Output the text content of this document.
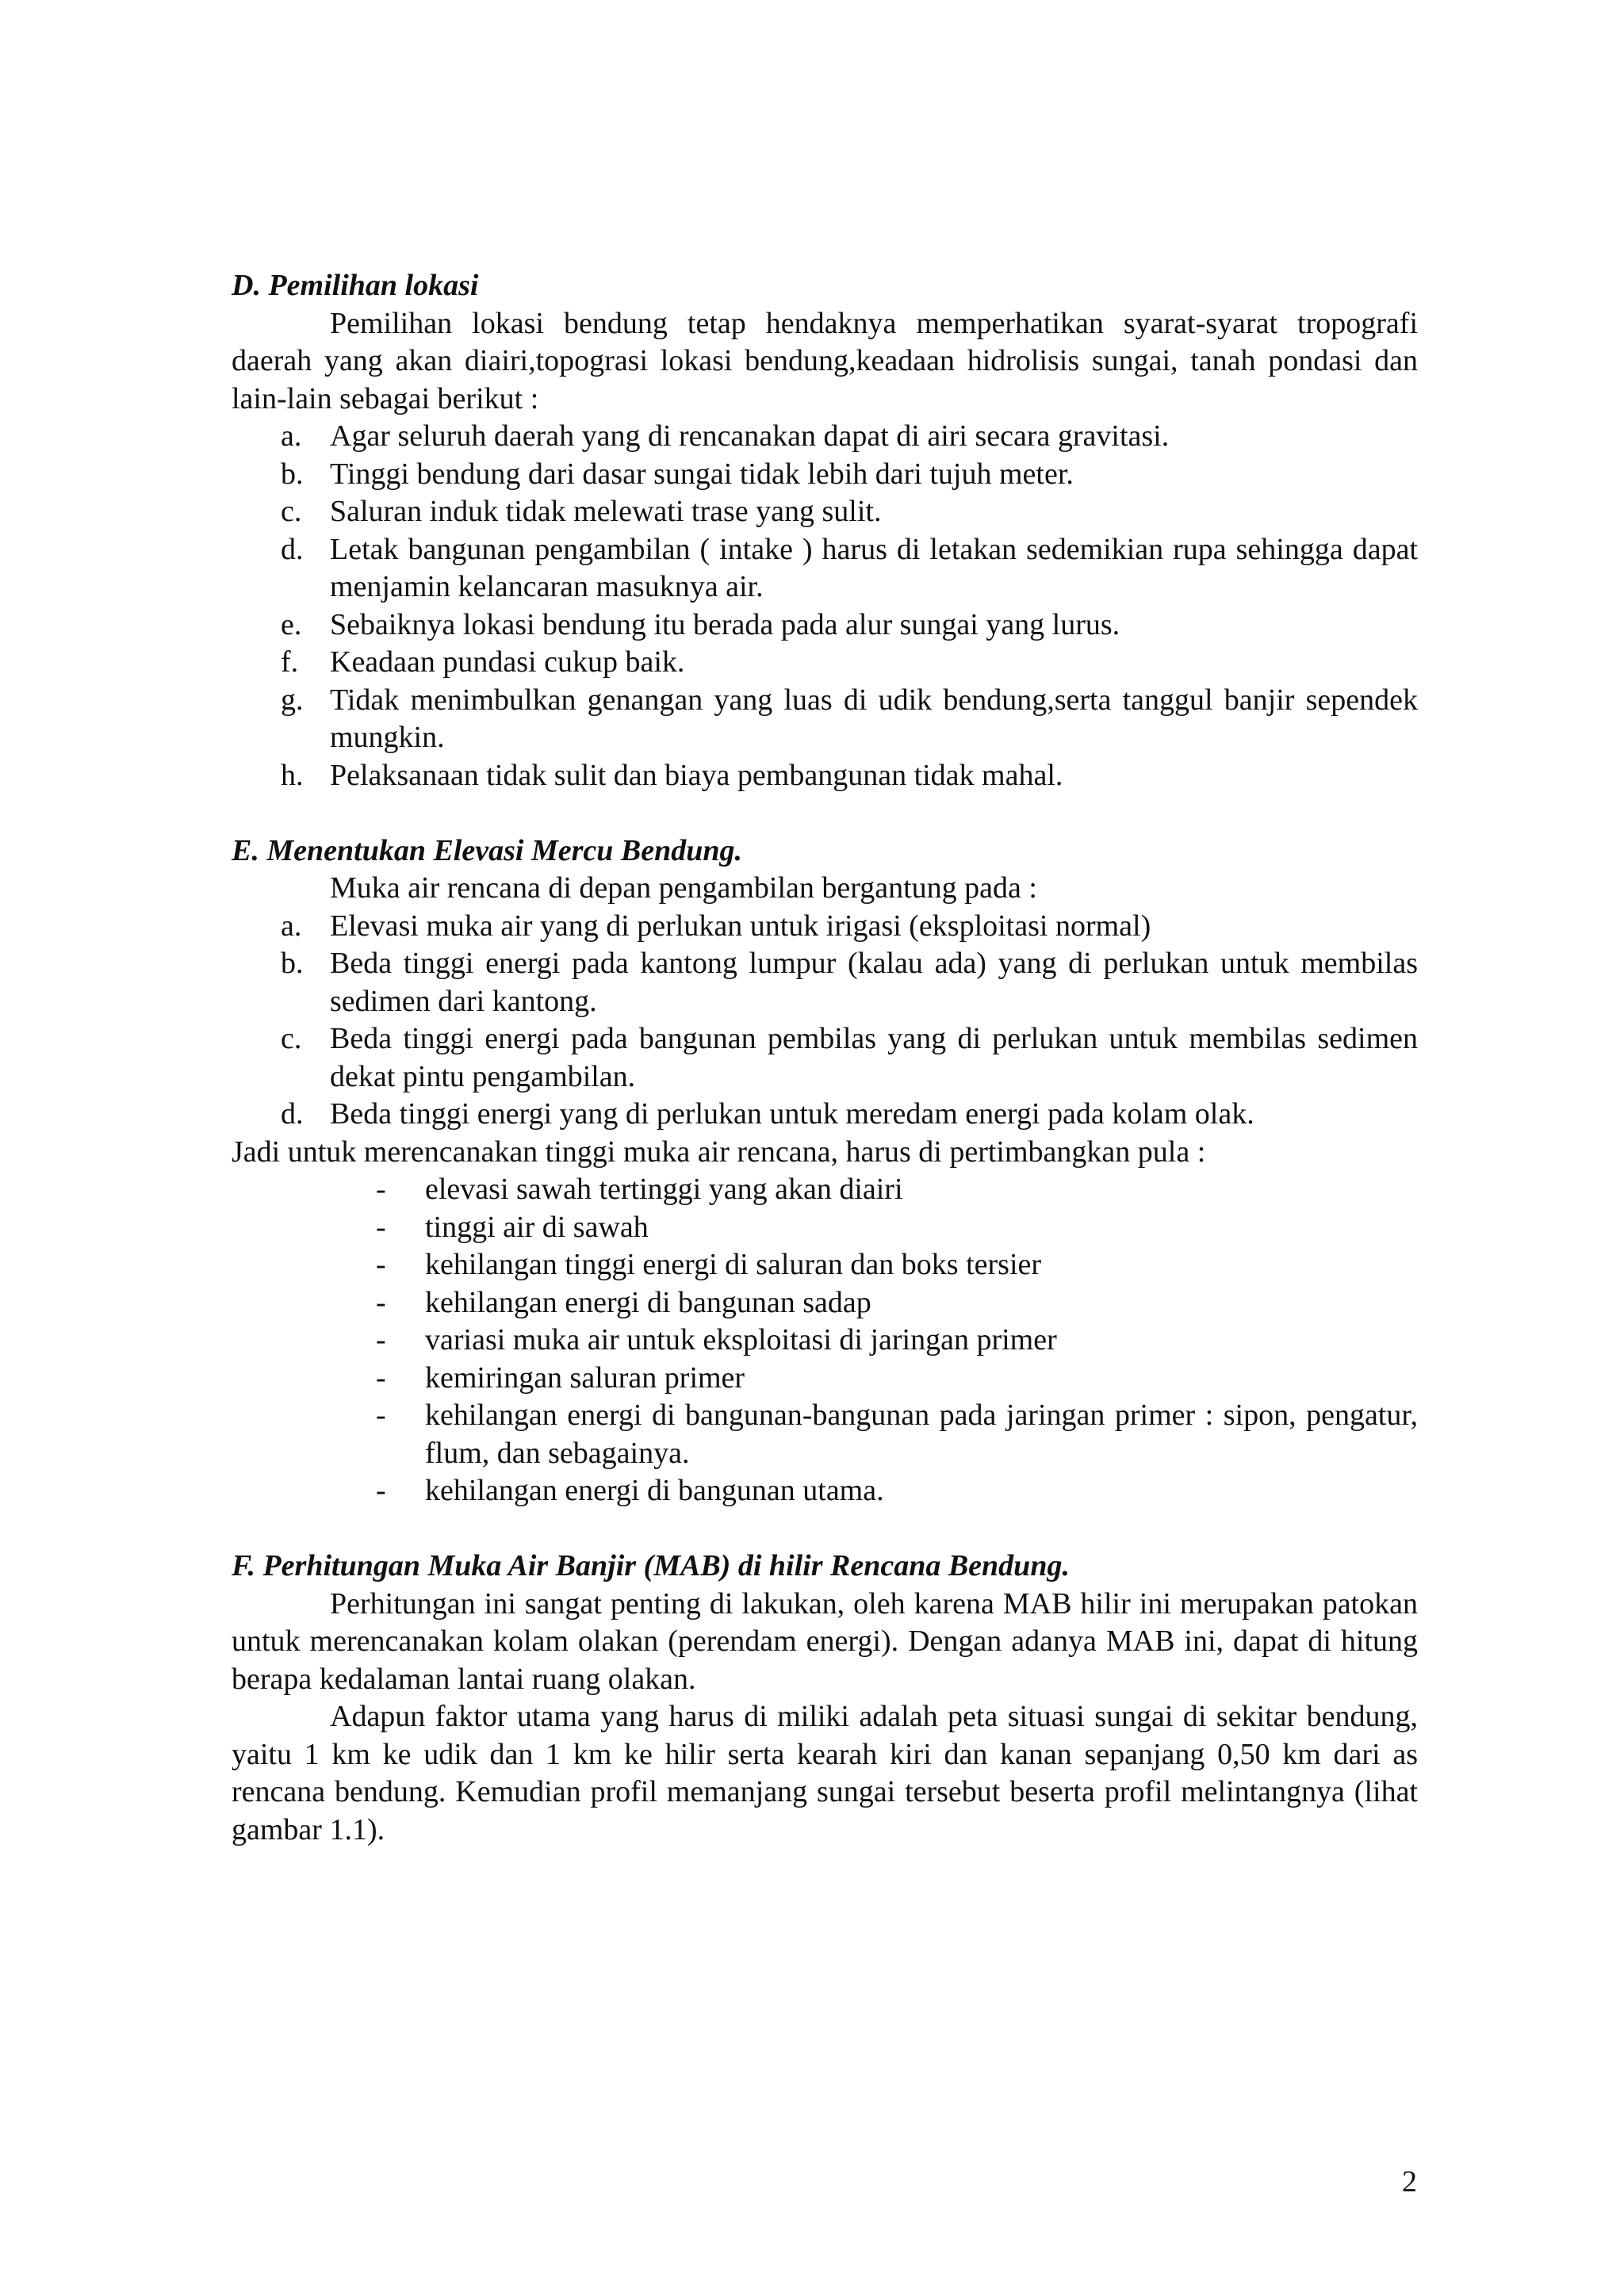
D. Pemilihan lokasi

Pemilihan lokasi bendung tetap hendaknya memperhatikan syarat-syarat tropografi daerah yang akan diairi,topograsi lokasi bendung,keadaan hidrolisis sungai, tanah pondasi dan lain-lain sebagai berikut :

a. Agar seluruh daerah yang di rencanakan dapat di airi secara gravitasi.
b. Tinggi bendung dari dasar sungai tidak lebih dari tujuh meter.
c. Saluran induk tidak melewati trase yang sulit.
d. Letak bangunan pengambilan ( intake ) harus di letakan sedemikian rupa sehingga dapat menjamin kelancaran masuknya air.
e. Sebaiknya lokasi bendung itu berada pada alur sungai yang lurus.
f.	Keadaan pundasi cukup baik.
g. Tidak menimbulkan genangan yang luas di udik bendung,serta tanggul banjir sependek mungkin.
h. Pelaksanaan tidak sulit dan biaya pembangunan tidak mahal.

E. Menentukan Elevasi Mercu Bendung.

Muka air rencana di depan pengambilan bergantung pada :

a. Elevasi muka air yang di perlukan untuk irigasi (eksploitasi normal)
b. Beda tinggi energi pada kantong lumpur (kalau ada) yang di perlukan untuk membilas sedimen dari kantong.
c. Beda tinggi energi pada bangunan pembilas yang di perlukan untuk membilas sedimen dekat pintu pengambilan.
d. Beda tinggi energi yang di perlukan untuk meredam energi pada kolam olak.

Jadi untuk merencanakan tinggi muka air rencana, harus di pertimbangkan pula :

- elevasi sawah tertinggi yang akan diairi
- tinggi air di sawah
- kehilangan tinggi energi di saluran dan boks tersier
- kehilangan energi di bangunan sadap
- variasi muka air untuk eksploitasi di jaringan primer
- kemiringan saluran primer
- kehilangan energi di bangunan-bangunan pada jaringan primer : sipon, pengatur, flum, dan sebagainya.
- kehilangan energi di bangunan utama.

F. Perhitungan Muka Air Banjir (MAB) di hilir Rencana Bendung.

Perhitungan ini sangat penting di lakukan, oleh karena MAB hilir ini merupakan patokan untuk merencanakan kolam olakan (perendam energi). Dengan adanya MAB ini, dapat di hitung berapa kedalaman lantai ruang olakan.

Adapun faktor utama yang harus di miliki adalah peta situasi sungai di sekitar bendung, yaitu 1 km ke udik dan 1 km ke hilir serta kearah kiri dan kanan sepanjang 0,50 km dari as rencana bendung. Kemudian profil memanjang sungai tersebut beserta profil melintangnya (lihat gambar 1.1).

2
